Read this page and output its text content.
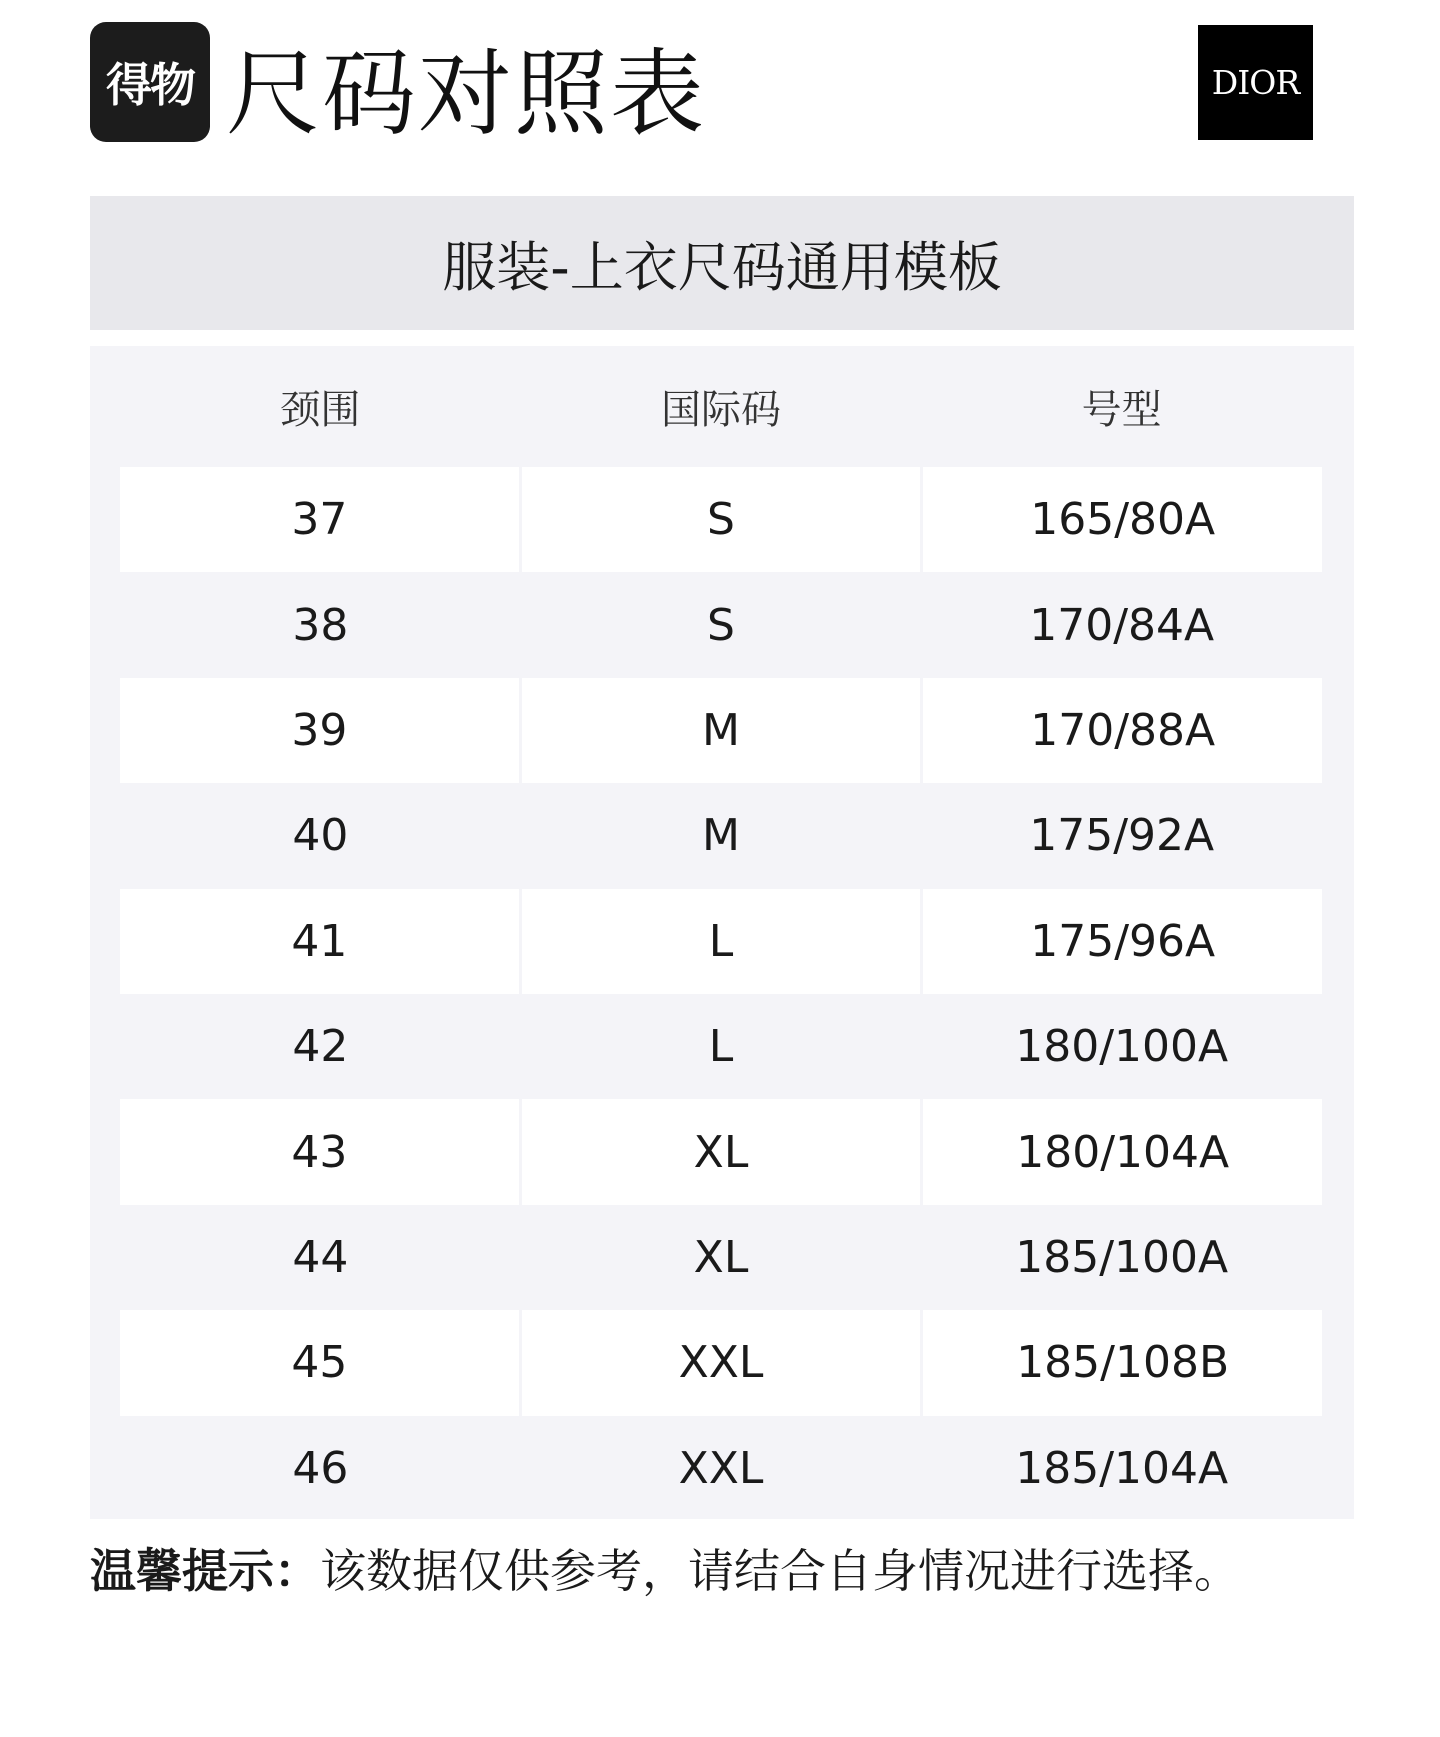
得物 尺码对照表	DIOR
服装-上衣尺码通用模板
颈围	国际码	号型
37	S	165/80A
38	S	170/84A
39	M	170/88A
40	M	175/92A
41	L	175/96A
42	L	180/100A
43	XL	180/104A
44	XL	185/100A
45	XXL	185/108B
46	XXL	185/104A
温馨提示：该数据仅供参考，请结合自身情况进行选择。
